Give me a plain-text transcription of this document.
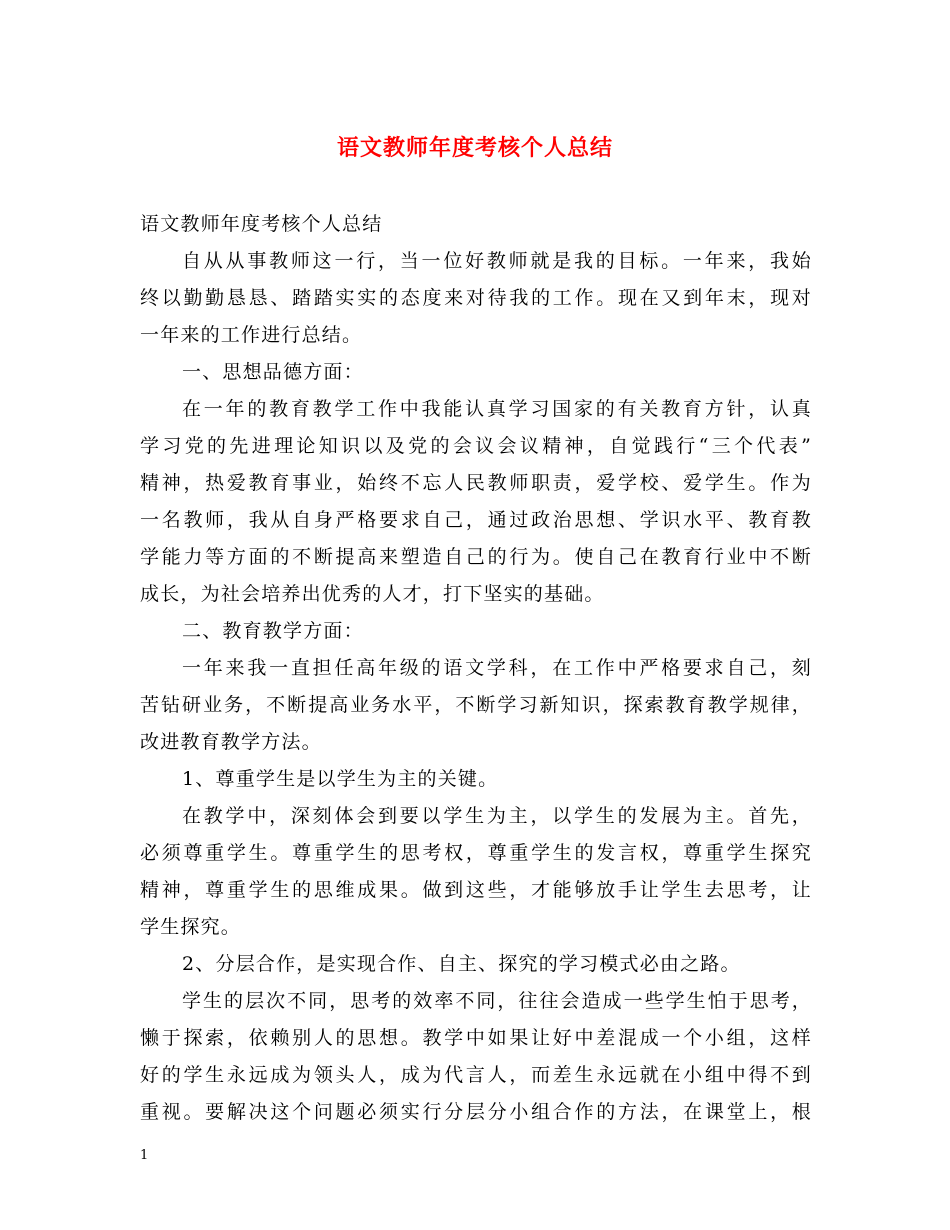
语文教师年度考核个人总结
语文教师年度考核个人总结
自从从事教师这一行，当一位好教师就是我的目标。一年来，我始
终以勤勤恳恳、踏踏实实的态度来对待我的工作。现在又到年末，现对
一年来的工作进行总结。
一、思想品德方面：
在一年的教育教学工作中我能认真学习国家的有关教育方针，认真
学习党的先进理论知识以及党的会议会议精神，自觉践行“三个代表”
精神，热爱教育事业，始终不忘人民教师职责，爱学校、爱学生。作为
一名教师，我从自身严格要求自己，通过政治思想、学识水平、教育教
学能力等方面的不断提高来塑造自己的行为。使自己在教育行业中不断
成长，为社会培养出优秀的人才，打下坚实的基础。
二、教育教学方面：
一年来我一直担任高年级的语文学科，在工作中严格要求自己，刻
苦钻研业务，不断提高业务水平，不断学习新知识，探索教育教学规律，
改进教育教学方法。
1、尊重学生是以学生为主的关键。
在教学中，深刻体会到要以学生为主，以学生的发展为主。首先，
必须尊重学生。尊重学生的思考权，尊重学生的发言权，尊重学生探究
精神，尊重学生的思维成果。做到这些，才能够放手让学生去思考，让
学生探究。
2、分层合作，是实现合作、自主、探究的学习模式必由之路。
学生的层次不同，思考的效率不同，往往会造成一些学生怕于思考，
懒于探索，依赖别人的思想。教学中如果让好中差混成一个小组，这样
好的学生永远成为领头人，成为代言人，而差生永远就在小组中得不到
重视。要解决这个问题必须实行分层分小组合作的方法，在课堂上，根
1
